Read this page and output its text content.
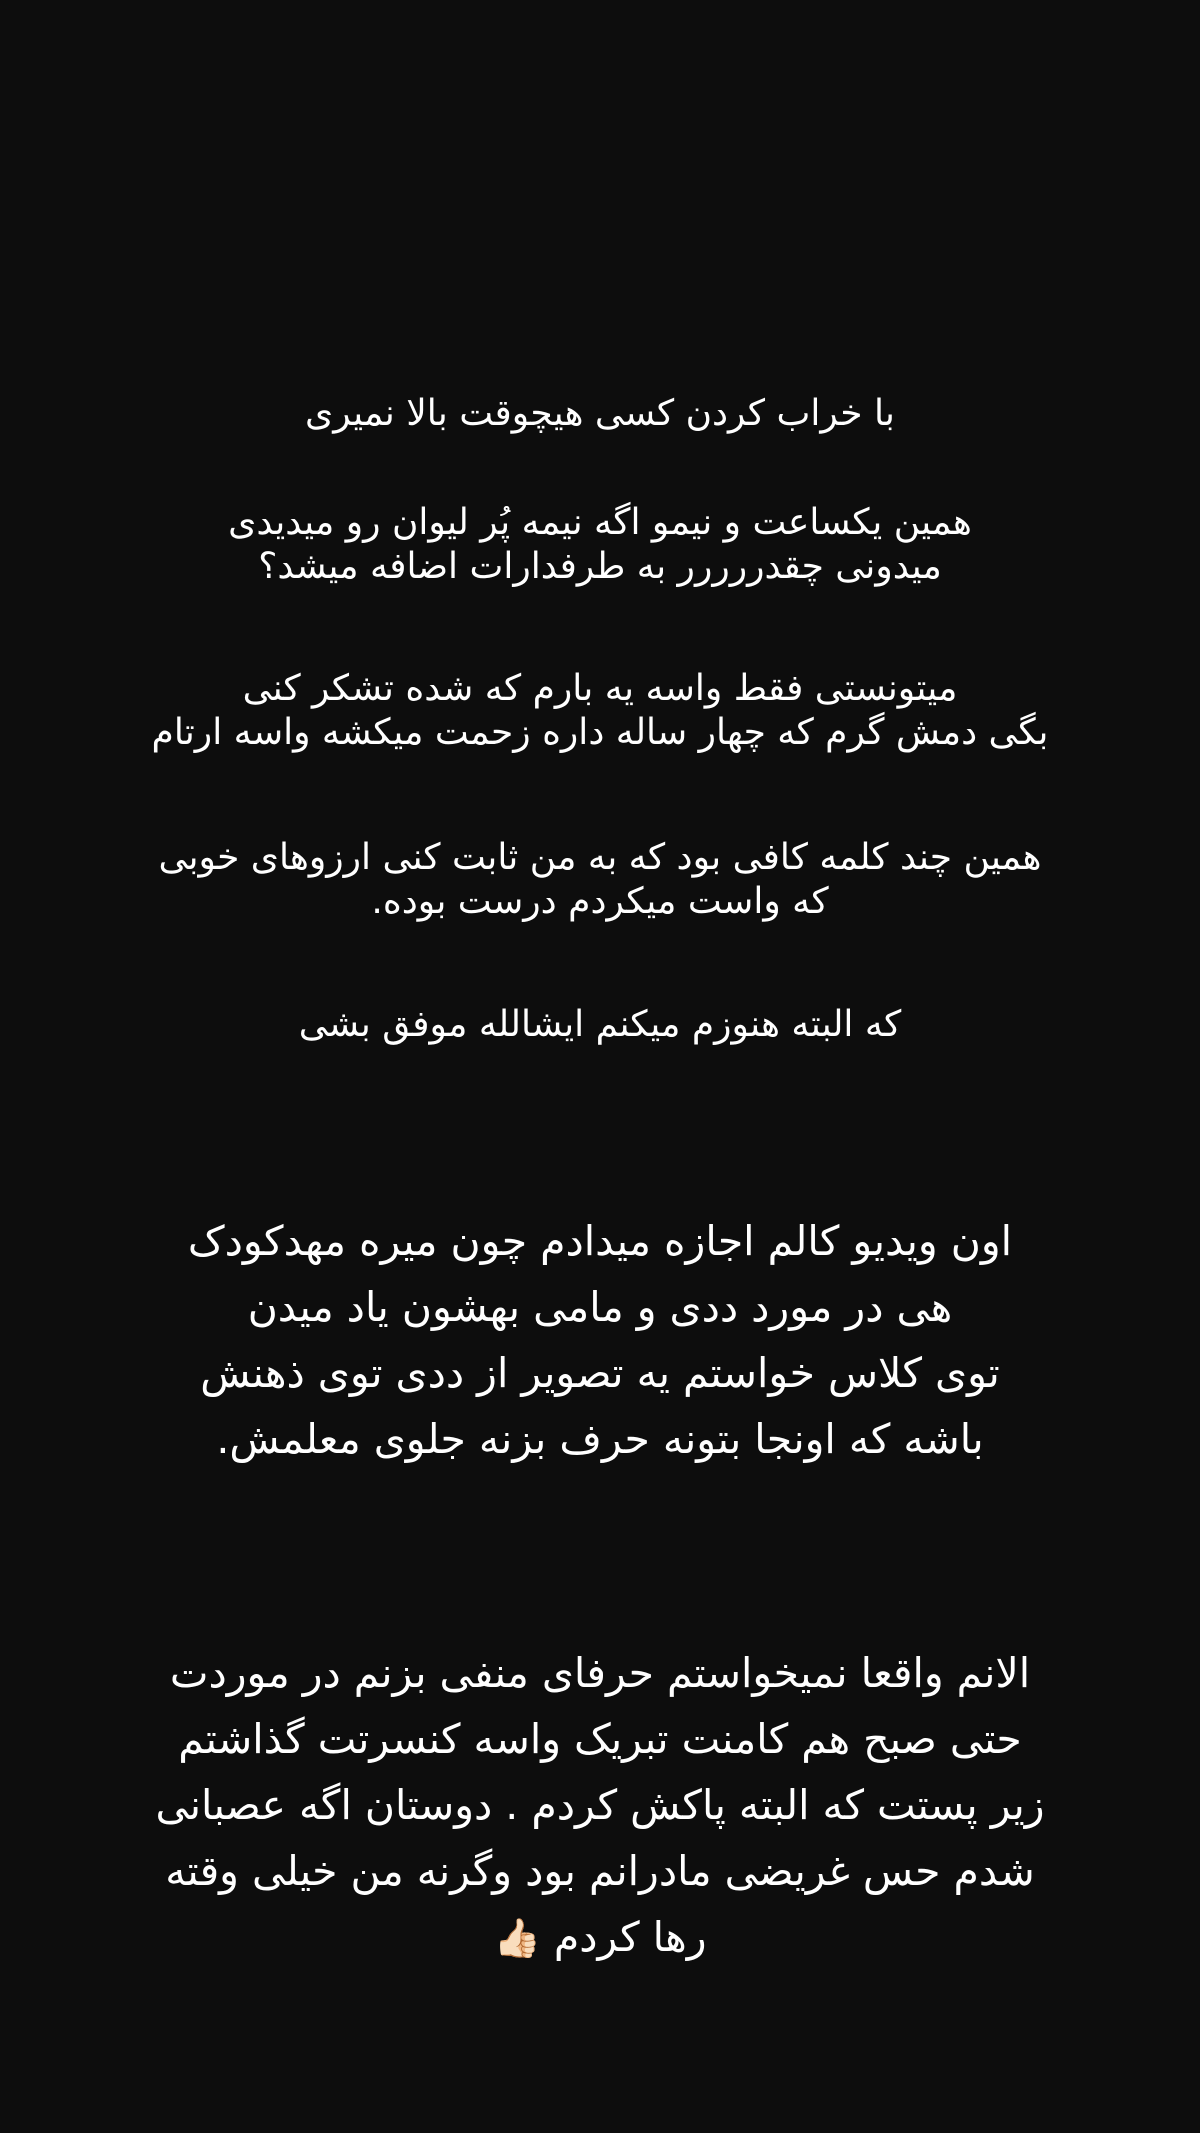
با خراب کردن کسی هیچوقت بالا نمیری
همین یکساعت و نیمو اگه نیمه پُر لیوان رو میدیدی
میدونی چقدررررر به طرفدارات اضافه میشد؟
میتونستی فقط واسه یه بارم که شده تشکر کنی
بگی دمش گرم که چهار ساله داره زحمت میکشه واسه ارتام
همین چند کلمه کافی بود که به من ثابت کنی ارزوهای خوبی
که واست میکردم درست بوده.
که البته هنوزم میکنم ایشالله موفق بشی
اون ویدیو کالم اجازه میدادم چون میره مهدکودک
هی در مورد ددی و مامی بهشون یاد میدن
توی کلاس خواستم یه تصویر از ددی توی ذهنش
باشه که اونجا بتونه حرف بزنه جلوی معلمش.
الانم واقعا نمیخواستم حرفای منفی بزنم در موردت
حتی صبح هم کامنت تبریک واسه کنسرتت گذاشتم
زیر پستت که البته پاکش کردم . دوستان اگه عصبانی
شدم حس غریضی مادرانم بود وگرنه من خیلی وقته
رها کردم 👍🏻
